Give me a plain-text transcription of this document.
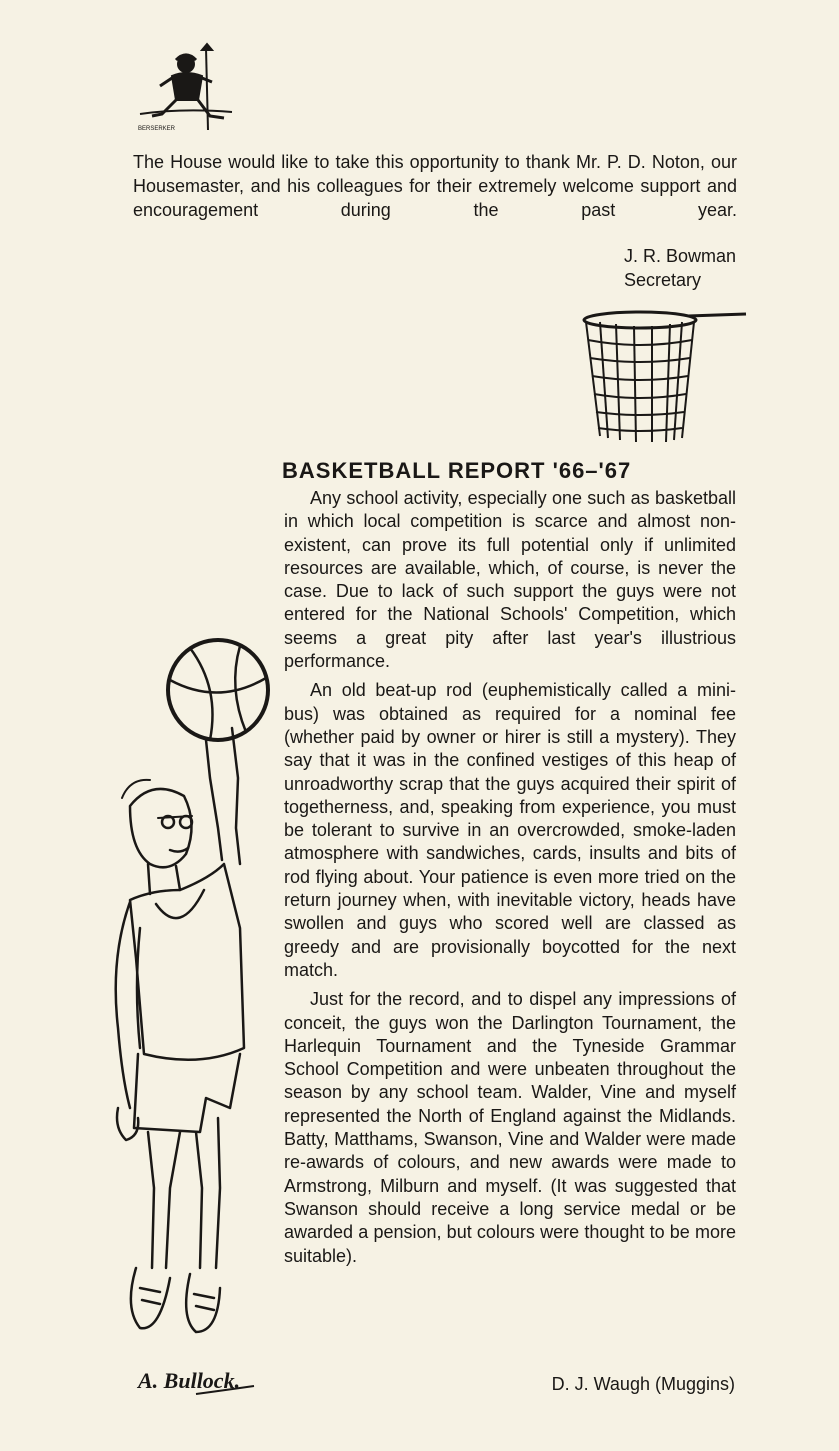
BERSERKER

The House would like to take this opportunity to thank Mr. P. D. Noton, our Housemaster, and his colleagues for their extremely welcome support and encouragement during the past year.

J. R. Bowman
Secretary
BASKETBALL REPORT '66–'67

Any school activity, especially one such as basketball in which local competition is scarce and almost non-existent, can prove its full potential only if unlimited resources are available, which, of course, is never the case. Due to lack of such support the guys were not entered for the National Schools' Competition, which seems a great pity after last year's illustrious performance.

An old beat-up rod (euphemistically called a mini-bus) was obtained as required for a nominal fee (whether paid by owner or hirer is still a mystery). They say that it was in the confined vestiges of this heap of unroadworthy scrap that the guys acquired their spirit of togetherness, and, speaking from experience, you must be tolerant to survive in an overcrowded, smoke-laden atmosphere with sandwiches, cards, insults and bits of rod flying about. Your patience is even more tried on the return journey when, with inevitable victory, heads have swollen and guys who scored well are classed as greedy and are provisionally boycotted for the next match.

Just for the record, and to dispel any impressions of conceit, the guys won the Darlington Tournament, the Harlequin Tournament and the Tyneside Grammar School Competition and were unbeaten throughout the season by any school team. Walder, Vine and myself represented the North of England against the Midlands. Batty, Matthams, Swanson, Vine and Walder were made re-awards of colours, and new awards were made to Armstrong, Milburn and myself. (It was suggested that Swanson should receive a long service medal or be awarded a pension, but colours were thought to be more suitable).

D. J. Waugh (Muggins)
A. Bullock.
